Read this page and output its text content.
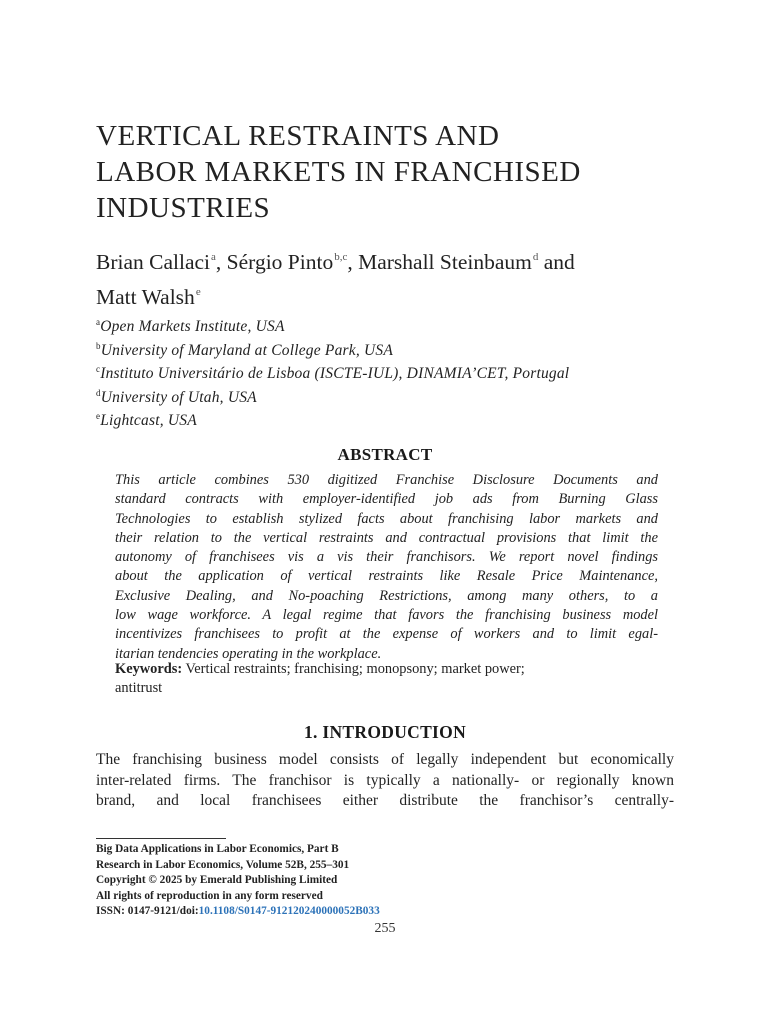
VERTICAL RESTRAINTS AND
LABOR MARKETS IN FRANCHISED
INDUSTRIES
Brian Callaci$^a$, Sérgio Pinto$^{b,c}$, Marshall Steinbaum$^d$ and
Matt Walsh$^e$
$^a$Open Markets Institute, USA
$^b$University of Maryland at College Park, USA
$^c$Instituto Universitário de Lisboa (ISCTE-IUL), DINAMIA’CET, Portugal
$^d$University of Utah, USA
$^e$Lightcast, USA
ABSTRACT
This article combines 530 digitized Franchise Disclosure Documents and
standard contracts with employer-identified job ads from Burning Glass
Technologies to establish stylized facts about franchising labor markets and
their relation to the vertical restraints and contractual provisions that limit the
autonomy of franchisees vis a vis their franchisors. We report novel findings
about the application of vertical restraints like Resale Price Maintenance,
Exclusive Dealing, and No-poaching Restrictions, among many others, to a
low wage workforce. A legal regime that favors the franchising business model
incentivizes franchisees to profit at the expense of workers and to limit egal-
itarian tendencies operating in the workplace.
Keywords: Vertical restraints; franchising; monopsony; market power;
antitrust
1. INTRODUCTION
The franchising business model consists of legally independent but economically
inter-related firms. The franchisor is typically a nationally- or regionally known
brand, and local franchisees either distribute the franchisor’s centrally-
Big Data Applications in Labor Economics, Part B
Research in Labor Economics, Volume 52B, 255–301
Copyright © 2025 by Emerald Publishing Limited
All rights of reproduction in any form reserved
ISSN: 0147-9121/doi:10.1108/S0147-912120240000052B033
255
